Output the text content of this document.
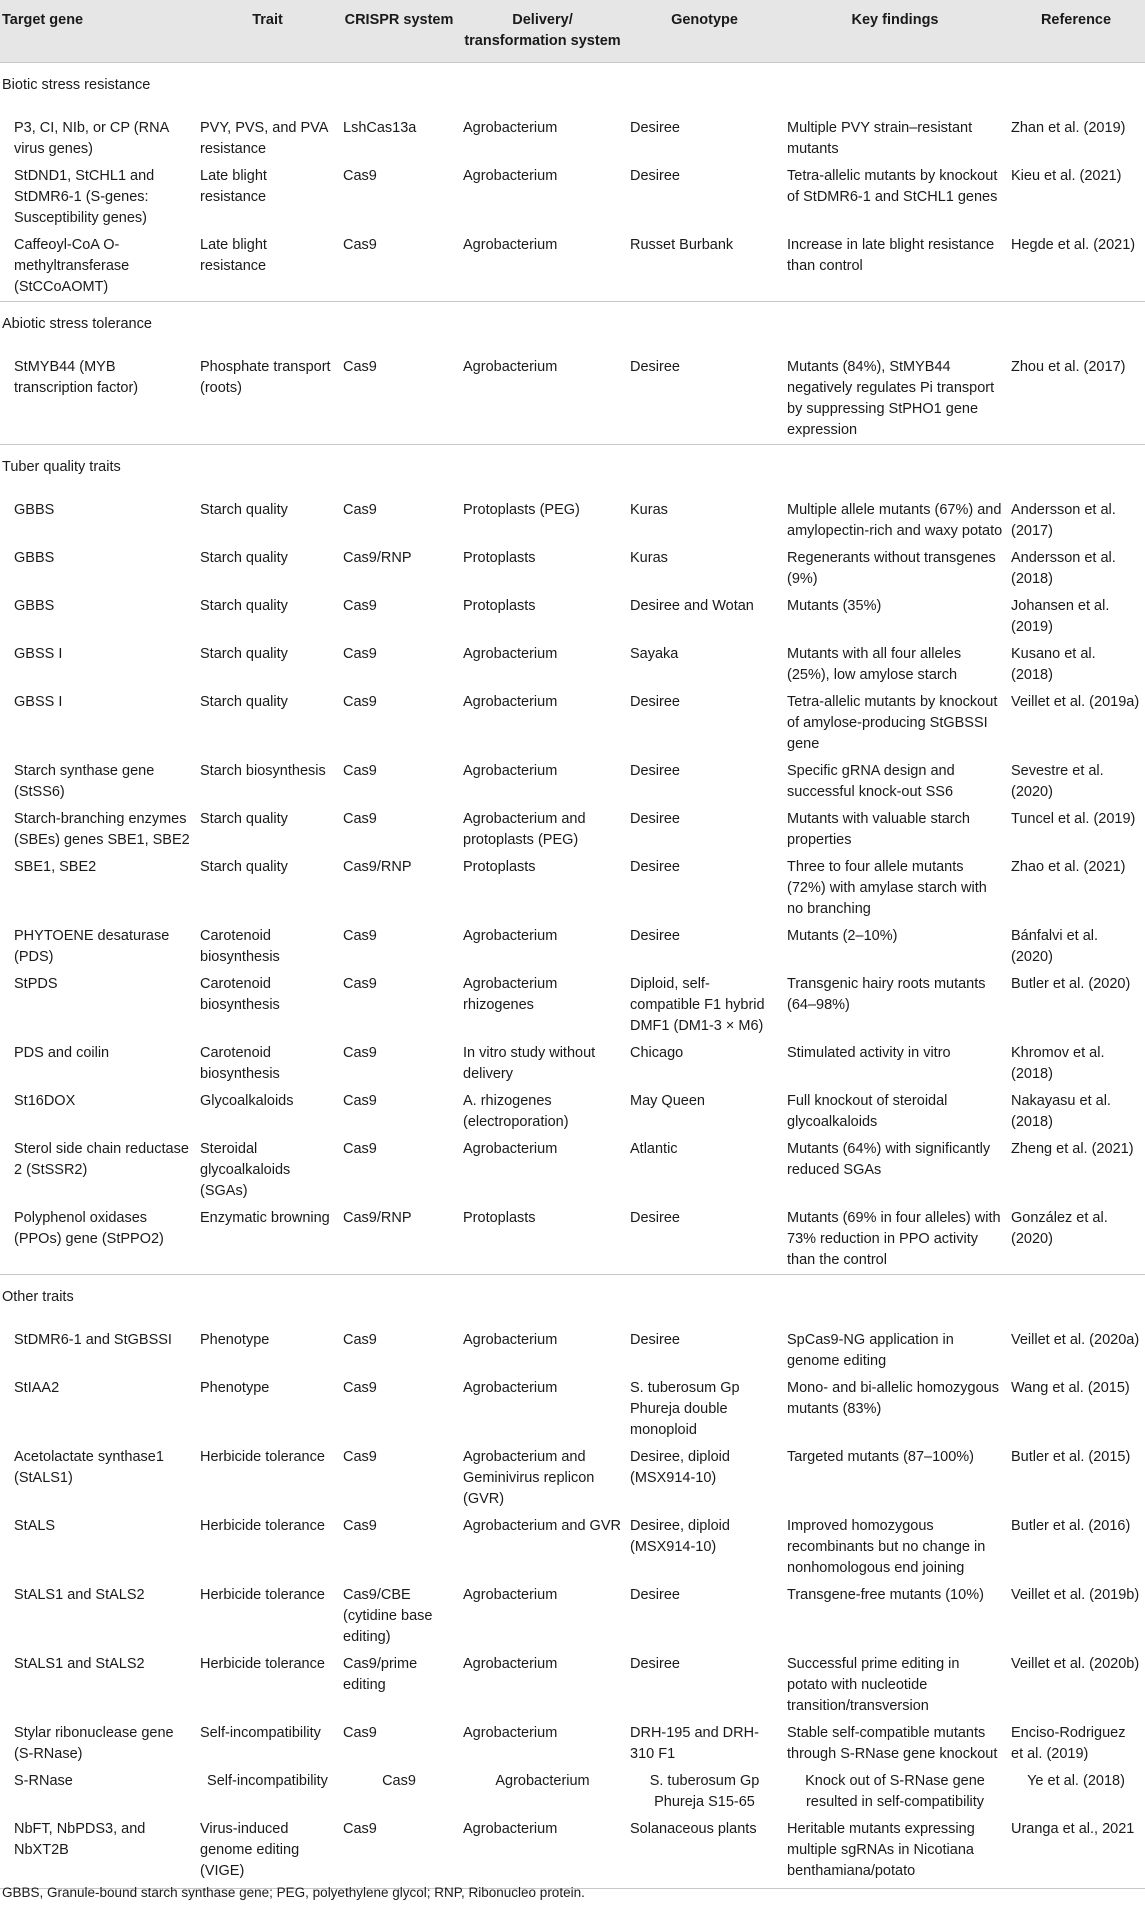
Target gene	Trait	CRISPR system	Delivery/ transformation system	Genotype	Key findings	Reference
Biotic stress resistance						
P3, CI, NIb, or CP (RNA virus genes)	PVY, PVS, and PVA resistance	LshCas13a	Agrobacterium	Desiree	Multiple PVY strain–resistant mutants	Zhan et al. (2019)
StDND1, StCHL1 and StDMR6-1 (S-genes: Susceptibility genes)	Late blight resistance	Cas9	Agrobacterium	Desiree	Tetra-allelic mutants by knockout of StDMR6-1 and StCHL1 genes	Kieu et al. (2021)
Caffeoyl-CoA O-methyltransferase (StCCoAOMT)	Late blight resistance	Cas9	Agrobacterium	Russet Burbank	Increase in late blight resistance than control	Hegde et al. (2021)
Abiotic stress tolerance						
StMYB44 (MYB transcription factor)	Phosphate transport (roots)	Cas9	Agrobacterium	Desiree	Mutants (84%), StMYB44 negatively regulates Pi transport by suppressing StPHO1 gene expression	Zhou et al. (2017)
Tuber quality traits						
GBBS	Starch quality	Cas9	Protoplasts (PEG)	Kuras	Multiple allele mutants (67%) and amylopectin-rich and waxy potato	Andersson et al. (2017)
GBBS	Starch quality	Cas9/RNP	Protoplasts	Kuras	Regenerants without transgenes (9%)	Andersson et al. (2018)
GBBS	Starch quality	Cas9	Protoplasts	Desiree and Wotan	Mutants (35%)	Johansen et al. (2019)
GBSS I	Starch quality	Cas9	Agrobacterium	Sayaka	Mutants with all four alleles (25%), low amylose starch	Kusano et al. (2018)
GBSS I	Starch quality	Cas9	Agrobacterium	Desiree	Tetra-allelic mutants by knockout of amylose-producing StGBSSI gene	Veillet et al. (2019a)
Starch synthase gene (StSS6)	Starch biosynthesis	Cas9	Agrobacterium	Desiree	Specific gRNA design and successful knock-out SS6	Sevestre et al. (2020)
Starch-branching enzymes (SBEs) genes SBE1, SBE2	Starch quality	Cas9	Agrobacterium and protoplasts (PEG)	Desiree	Mutants with valuable starch properties	Tuncel et al. (2019)
SBE1, SBE2	Starch quality	Cas9/RNP	Protoplasts	Desiree	Three to four allele mutants (72%) with amylase starch with no branching	Zhao et al. (2021)
PHYTOENE desaturase (PDS)	Carotenoid biosynthesis	Cas9	Agrobacterium	Desiree	Mutants (2–10%)	Bánfalvi et al. (2020)
StPDS	Carotenoid biosynthesis	Cas9	Agrobacterium rhizogenes	Diploid, self-compatible F1 hybrid DMF1 (DM1-3 × M6)	Transgenic hairy roots mutants (64–98%)	Butler et al. (2020)
PDS and coilin	Carotenoid biosynthesis	Cas9	In vitro study without delivery	Chicago	Stimulated activity in vitro	Khromov et al. (2018)
St16DOX	Glycoalkaloids	Cas9	A. rhizogenes (electroporation)	May Queen	Full knockout of steroidal glycoalkaloids	Nakayasu et al. (2018)
Sterol side chain reductase 2 (StSSR2)	Steroidal glycoalkaloids (SGAs)	Cas9	Agrobacterium	Atlantic	Mutants (64%) with significantly reduced SGAs	Zheng et al. (2021)
Polyphenol oxidases (PPOs) gene (StPPO2)	Enzymatic browning	Cas9/RNP	Protoplasts	Desiree	Mutants (69% in four alleles) with 73% reduction in PPO activity than the control	González et al. (2020)
Other traits						
StDMR6-1 and StGBSSI	Phenotype	Cas9	Agrobacterium	Desiree	SpCas9-NG application in genome editing	Veillet et al. (2020a)
StIAA2	Phenotype	Cas9	Agrobacterium	S. tuberosum Gp Phureja double monoploid	Mono- and bi-allelic homozygous mutants (83%)	Wang et al. (2015)
Acetolactate synthase1 (StALS1)	Herbicide tolerance	Cas9	Agrobacterium and Geminivirus replicon (GVR)	Desiree, diploid (MSX914-10)	Targeted mutants (87–100%)	Butler et al. (2015)
StALS	Herbicide tolerance	Cas9	Agrobacterium and GVR	Desiree, diploid (MSX914-10)	Improved homozygous recombinants but no change in nonhomologous end joining	Butler et al. (2016)
StALS1 and StALS2	Herbicide tolerance	Cas9/CBE (cytidine base editing)	Agrobacterium	Desiree	Transgene-free mutants (10%)	Veillet et al. (2019b)
StALS1 and StALS2	Herbicide tolerance	Cas9/prime editing	Agrobacterium	Desiree	Successful prime editing in potato with nucleotide transition/transversion	Veillet et al. (2020b)
Stylar ribonuclease gene (S-RNase)	Self-incompatibility	Cas9	Agrobacterium	DRH-195 and DRH-310 F1	Stable self-compatible mutants through S-RNase gene knockout	Enciso-Rodriguez et al. (2019)
S-RNase	Self-incompatibility	Cas9	Agrobacterium	S. tuberosum Gp Phureja S15-65	Knock out of S-RNase gene resulted in self-compatibility	Ye et al. (2018)
NbFT, NbPDS3, and NbXT2B	Virus-induced genome editing (VIGE)	Cas9	Agrobacterium	Solanaceous plants	Heritable mutants expressing multiple sgRNAs in Nicotiana benthamiana/potato	Uranga et al., 2021
GBBS, Granule-bound starch synthase gene; PEG, polyethylene glycol; RNP, Ribonucleo protein.
